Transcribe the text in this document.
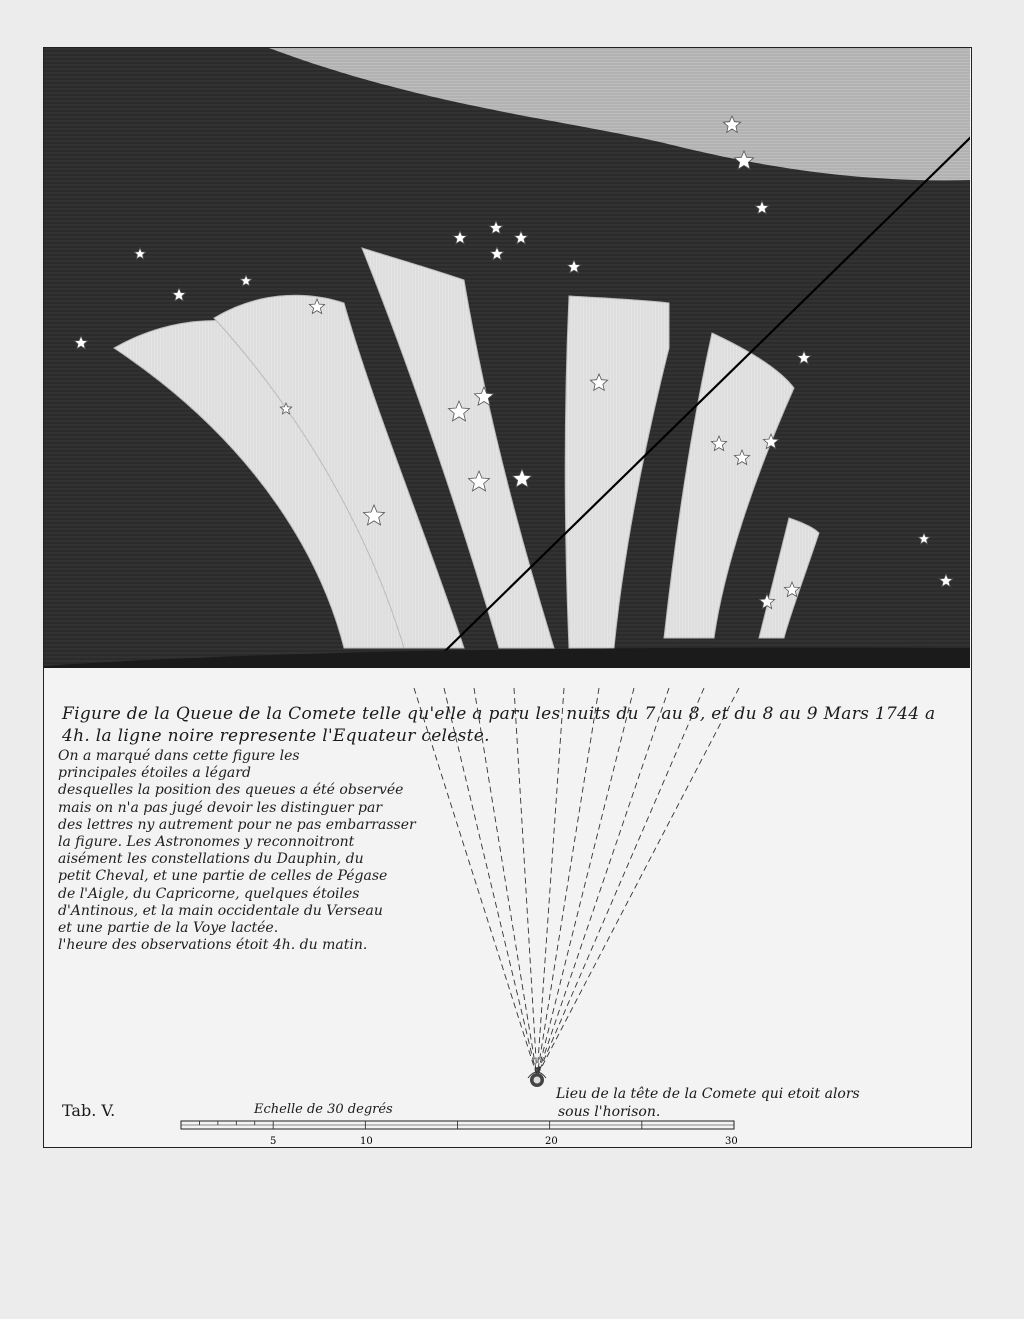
Figure de la Queue de la Comete telle qu'elle a paru les nuits du 7 au 8, et du 8 au 9 Mars 1744 a
4h. la ligne noire represente l'Equateur celeste.
On a marqué dans cette figure les
principales étoiles a légard
desquelles la position des queues a été observée
mais on n'a pas jugé devoir les distinguer par
des lettres ny autrement pour ne pas embarrasser
la figure. Les Astronomes y reconnoitront
aisément les constellations du Dauphin, du
petit Cheval, et une partie de celles de Pégase
de l'Aigle, du Capricorne, quelques étoiles
d'Antinous, et la main occidentale du Verseau
et une partie de la Voye lactée.
l'heure des observations étoit 4h. du matin.
Lieu de la tête de la Comete qui etoit alors
sous l'horison.
Tab. V.	Echelle de 30 degrés
5	10	20	30
